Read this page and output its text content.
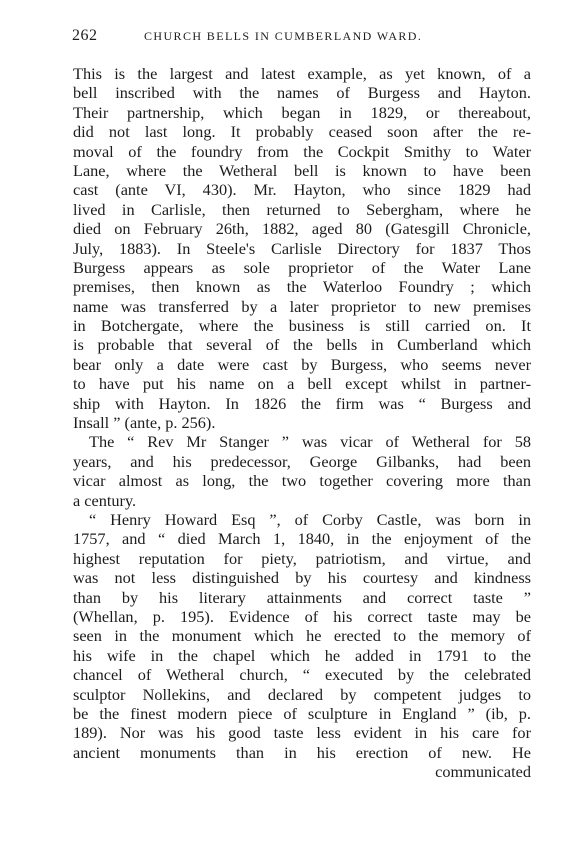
262	CHURCH BELLS IN CUMBERLAND WARD.
This is the largest and latest example, as yet known, of a
bell inscribed with the names of Burgess and Hayton.
Their partnership, which began in 1829, or thereabout,
did not last long. It probably ceased soon after the re-
moval of the foundry from the Cockpit Smithy to Water
Lane, where the Wetheral bell is known to have been
cast (ante VI, 430). Mr. Hayton, who since 1829 had
lived in Carlisle, then returned to Sebergham, where he
died on February 26th, 1882, aged 80 (Gatesgill Chronicle,
July, 1883). In Steele's Carlisle Directory for 1837 Thos
Burgess appears as sole proprietor of the Water Lane
premises, then known as the Waterloo Foundry ; which
name was transferred by a later proprietor to new premises
in Botchergate, where the business is still carried on. It
is probable that several of the bells in Cumberland which
bear only a date were cast by Burgess, who seems never
to have put his name on a bell except whilst in partner-
ship with Hayton. In 1826 the firm was “ Burgess and
Insall ” (ante, p. 256).
The “ Rev Mr Stanger ” was vicar of Wetheral for 58
years, and his predecessor, George Gilbanks, had been
vicar almost as long, the two together covering more than
a century.
“ Henry Howard Esq ”, of Corby Castle, was born in
1757, and “ died March 1, 1840, in the enjoyment of the
highest reputation for piety, patriotism, and virtue, and
was not less distinguished by his courtesy and kindness
than by his literary attainments and correct taste ”
(Whellan, p. 195). Evidence of his correct taste may be
seen in the monument which he erected to the memory of
his wife in the chapel which he added in 1791 to the
chancel of Wetheral church, “ executed by the celebrated
sculptor Nollekins, and declared by competent judges to
be the finest modern piece of sculpture in England ” (ib, p.
189). Nor was his good taste less evident in his care for
ancient monuments than in his erection of new. He
communicated
